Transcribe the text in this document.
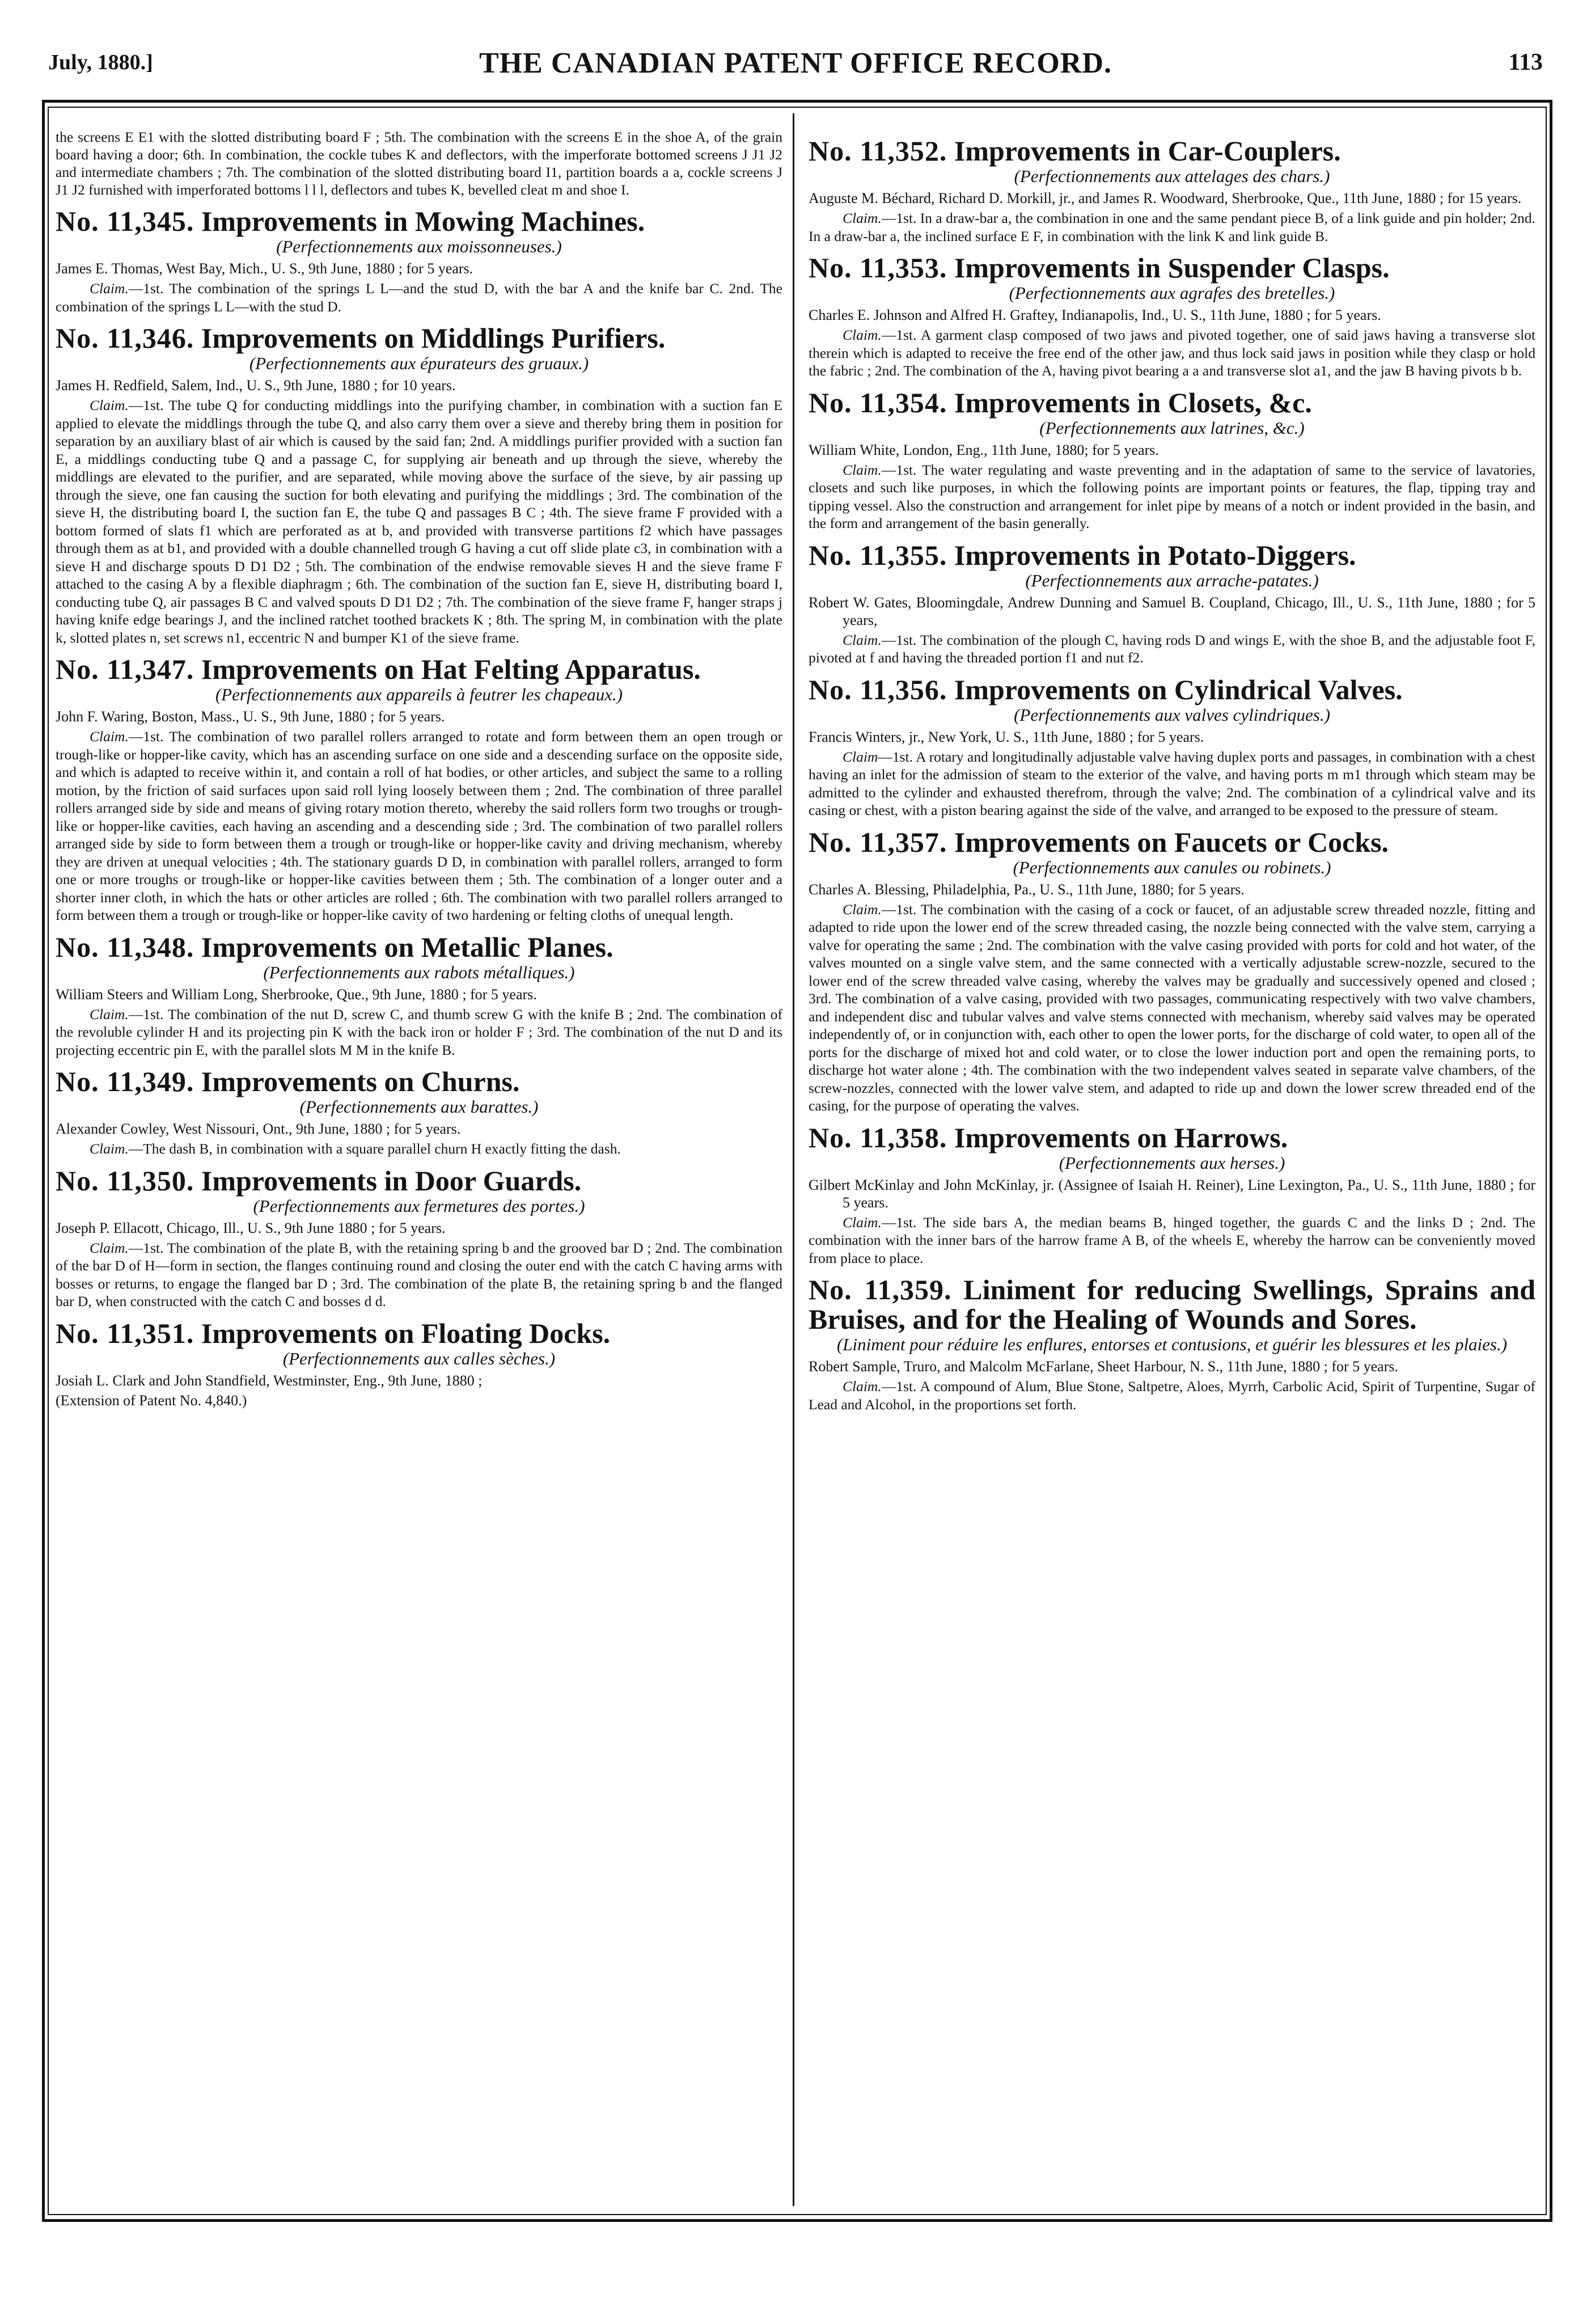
July, 1880.]	THE CANADIAN PATENT OFFICE RECORD.	113

the screens E E1 with the slotted distributing board F ; 5th. The combination with the screens E in the shoe A, of the grain board having a door; 6th. In combination, the cockle tubes K and deflectors, with the imperforate bottomed screens J J1 J2 and intermediate chambers ; 7th. The combination of the slotted distributing board I1, partition boards a a, cockle screens J J1 J2 furnished with imperforated bottoms l l l, deflectors and tubes K, bevelled cleat m and shoe I.

No. 11,345. Improvements in Mowing Machines.

(Perfectionnements aux moissonneuses.)

James E. Thomas, West Bay, Mich., U. S., 9th June, 1880 ; for 5 years.

Claim.—1st. The combination of the springs L L—and the stud D, with the bar A and the knife bar C. 2nd. The combination of the springs L L—with the stud D.

No. 11,346. Improvements on Middlings Purifiers.

(Perfectionnements aux épurateurs des gruaux.)

James H. Redfield, Salem, Ind., U. S., 9th June, 1880 ; for 10 years.

Claim.—1st. The tube Q for conducting middlings into the purifying chamber, in combination with a suction fan E applied to elevate the middlings through the tube Q, and also carry them over a sieve and thereby bring them in position for separation by an auxiliary blast of air which is caused by the said fan; 2nd. A middlings purifier provided with a suction fan E, a middlings conducting tube Q and a passage C, for supplying air beneath and up through the sieve, whereby the middlings are elevated to the purifier, and are separated, while moving above the surface of the sieve, by air passing up through the sieve, one fan causing the suction for both elevating and purifying the middlings ; 3rd. The combination of the sieve H, the distributing board I, the suction fan E, the tube Q and passages B C ; 4th. The sieve frame F provided with a bottom formed of slats f1 which are perforated as at b, and provided with transverse partitions f2 which have passages through them as at b1, and provided with a double channelled trough G having a cut off slide plate c3, in combination with a sieve H and discharge spouts D D1 D2 ; 5th. The combination of the endwise removable sieves H and the sieve frame F attached to the casing A by a flexible diaphragm ; 6th. The combination of the suction fan E, sieve H, distributing board I, conducting tube Q, air passages B C and valved spouts D D1 D2 ; 7th. The combination of the sieve frame F, hanger straps j having knife edge bearings J, and the inclined ratchet toothed brackets K ; 8th. The spring M, in combination with the plate k, slotted plates n, set screws n1, eccentric N and bumper K1 of the sieve frame.

No. 11,347. Improvements on Hat Felting Apparatus.

(Perfectionnements aux appareils à feutrer les chapeaux.)

John F. Waring, Boston, Mass., U. S., 9th June, 1880 ; for 5 years.

Claim.—1st. The combination of two parallel rollers arranged to rotate and form between them an open trough or trough-like or hopper-like cavity, which has an ascending surface on one side and a descending surface on the opposite side, and which is adapted to receive within it, and contain a roll of hat bodies, or other articles, and subject the same to a rolling motion, by the friction of said surfaces upon said roll lying loosely between them ; 2nd. The combination of three parallel rollers arranged side by side and means of giving rotary motion thereto, whereby the said rollers form two troughs or trough-like or hopper-like cavities, each having an ascending and a descending side ; 3rd. The combination of two parallel rollers arranged side by side to form between them a trough or trough-like or hopper-like cavity and driving mechanism, whereby they are driven at unequal velocities ; 4th. The stationary guards D D, in combination with parallel rollers, arranged to form one or more troughs or trough-like or hopper-like cavities between them ; 5th. The combination of a longer outer and a shorter inner cloth, in which the hats or other articles are rolled ; 6th. The combination with two parallel rollers arranged to form between them a trough or trough-like or hopper-like cavity of two hardening or felting cloths of unequal length.

No. 11,348. Improvements on Metallic Planes.

(Perfectionnements aux rabots métalliques.)

William Steers and William Long, Sherbrooke, Que., 9th June, 1880 ; for 5 years.

Claim.—1st. The combination of the nut D, screw C, and thumb screw G with the knife B ; 2nd. The combination of the revoluble cylinder H and its projecting pin K with the back iron or holder F ; 3rd. The combination of the nut D and its projecting eccentric pin E, with the parallel slots M M in the knife B.

No. 11,349. Improvements on Churns.

(Perfectionnements aux barattes.)

Alexander Cowley, West Nissouri, Ont., 9th June, 1880 ; for 5 years.

Claim.—The dash B, in combination with a square parallel churn H exactly fitting the dash.

No. 11,350. Improvements in Door Guards.

(Perfectionnements aux fermetures des portes.)

Joseph P. Ellacott, Chicago, Ill., U. S., 9th June 1880 ; for 5 years.

Claim.—1st. The combination of the plate B, with the retaining spring b and the grooved bar D ; 2nd. The combination of the bar D of H—form in section, the flanges continuing round and closing the outer end with the catch C having arms with bosses or returns, to engage the flanged bar D ; 3rd. The combination of the plate B, the retaining spring b and the flanged bar D, when constructed with the catch C and bosses d d.

No. 11,351. Improvements on Floating Docks.

(Perfectionnements aux calles sèches.)

Josiah L. Clark and John Standfield, Westminster, Eng., 9th June, 1880 ;

(Extension of Patent No. 4,840.)

No. 11,352. Improvements in Car-Couplers.

(Perfectionnements aux attelages des chars.)

Auguste M. Béchard, Richard D. Morkill, jr., and James R. Woodward, Sherbrooke, Que., 11th June, 1880 ; for 15 years.

Claim.—1st. In a draw-bar a, the combination in one and the same pendant piece B, of a link guide and pin holder; 2nd. In a draw-bar a, the inclined surface E F, in combination with the link K and link guide B.

No. 11,353. Improvements in Suspender Clasps.

(Perfectionnements aux agrafes des bretelles.)

Charles E. Johnson and Alfred H. Graftey, Indianapolis, Ind., U. S., 11th June, 1880 ; for 5 years.

Claim.—1st. A garment clasp composed of two jaws and pivoted together, one of said jaws having a transverse slot therein which is adapted to receive the free end of the other jaw, and thus lock said jaws in position while they clasp or hold the fabric ; 2nd. The combination of the A, having pivot bearing a a and transverse slot a1, and the jaw B having pivots b b.

No. 11,354. Improvements in Closets, &c.

(Perfectionnements aux latrines, &c.)

William White, London, Eng., 11th June, 1880; for 5 years.

Claim.—1st. The water regulating and waste preventing and in the adaptation of same to the service of lavatories, closets and such like purposes, in which the following points are important points or features, the flap, tipping tray and tipping vessel. Also the construction and arrangement for inlet pipe by means of a notch or indent provided in the basin, and the form and arrangement of the basin generally.

No. 11,355. Improvements in Potato-Diggers.

(Perfectionnements aux arrache-patates.)

Robert W. Gates, Bloomingdale, Andrew Dunning and Samuel B. Coupland, Chicago, Ill., U. S., 11th June, 1880 ; for 5 years,

Claim.—1st. The combination of the plough C, having rods D and wings E, with the shoe B, and the adjustable foot F, pivoted at f and having the threaded portion f1 and nut f2.

No. 11,356. Improvements on Cylindrical Valves.

(Perfectionnements aux valves cylindriques.)

Francis Winters, jr., New York, U. S., 11th June, 1880 ; for 5 years.

Claim—1st. A rotary and longitudinally adjustable valve having duplex ports and passages, in combination with a chest having an inlet for the admission of steam to the exterior of the valve, and having ports m m1 through which steam may be admitted to the cylinder and exhausted therefrom, through the valve; 2nd. The combination of a cylindrical valve and its casing or chest, with a piston bearing against the side of the valve, and arranged to be exposed to the pressure of steam.

No. 11,357. Improvements on Faucets or Cocks.

(Perfectionnements aux canules ou robinets.)

Charles A. Blessing, Philadelphia, Pa., U. S., 11th June, 1880; for 5 years.

Claim.—1st. The combination with the casing of a cock or faucet, of an adjustable screw threaded nozzle, fitting and adapted to ride upon the lower end of the screw threaded casing, the nozzle being connected with the valve stem, carrying a valve for operating the same ; 2nd. The combination with the valve casing provided with ports for cold and hot water, of the valves mounted on a single valve stem, and the same connected with a vertically adjustable screw-nozzle, secured to the lower end of the screw threaded valve casing, whereby the valves may be gradually and successively opened and closed ; 3rd. The combination of a valve casing, provided with two passages, communicating respectively with two valve chambers, and independent disc and tubular valves and valve stems connected with mechanism, whereby said valves may be operated independently of, or in conjunction with, each other to open the lower ports, for the discharge of cold water, to open all of the ports for the discharge of mixed hot and cold water, or to close the lower induction port and open the remaining ports, to discharge hot water alone ; 4th. The combination with the two independent valves seated in separate valve chambers, of the screw-nozzles, connected with the lower valve stem, and adapted to ride up and down the lower screw threaded end of the casing, for the purpose of operating the valves.

No. 11,358. Improvements on Harrows.

(Perfectionnements aux herses.)

Gilbert McKinlay and John McKinlay, jr. (Assignee of Isaiah H. Reiner), Line Lexington, Pa., U. S., 11th June, 1880 ; for 5 years.

Claim.—1st. The side bars A, the median beams B, hinged together, the guards C and the links D ; 2nd. The combination with the inner bars of the harrow frame A B, of the wheels E, whereby the harrow can be conveniently moved from place to place.

No. 11,359. Liniment for reducing Swellings, Sprains and Bruises, and for the Healing of Wounds and Sores.

(Liniment pour réduire les enflures, entorses et contusions, et guérir les blessures et les plaies.)

Robert Sample, Truro, and Malcolm McFarlane, Sheet Harbour, N. S., 11th June, 1880 ; for 5 years.

Claim.—1st. A compound of Alum, Blue Stone, Saltpetre, Aloes, Myrrh, Carbolic Acid, Spirit of Turpentine, Sugar of Lead and Alcohol, in the proportions set forth.
